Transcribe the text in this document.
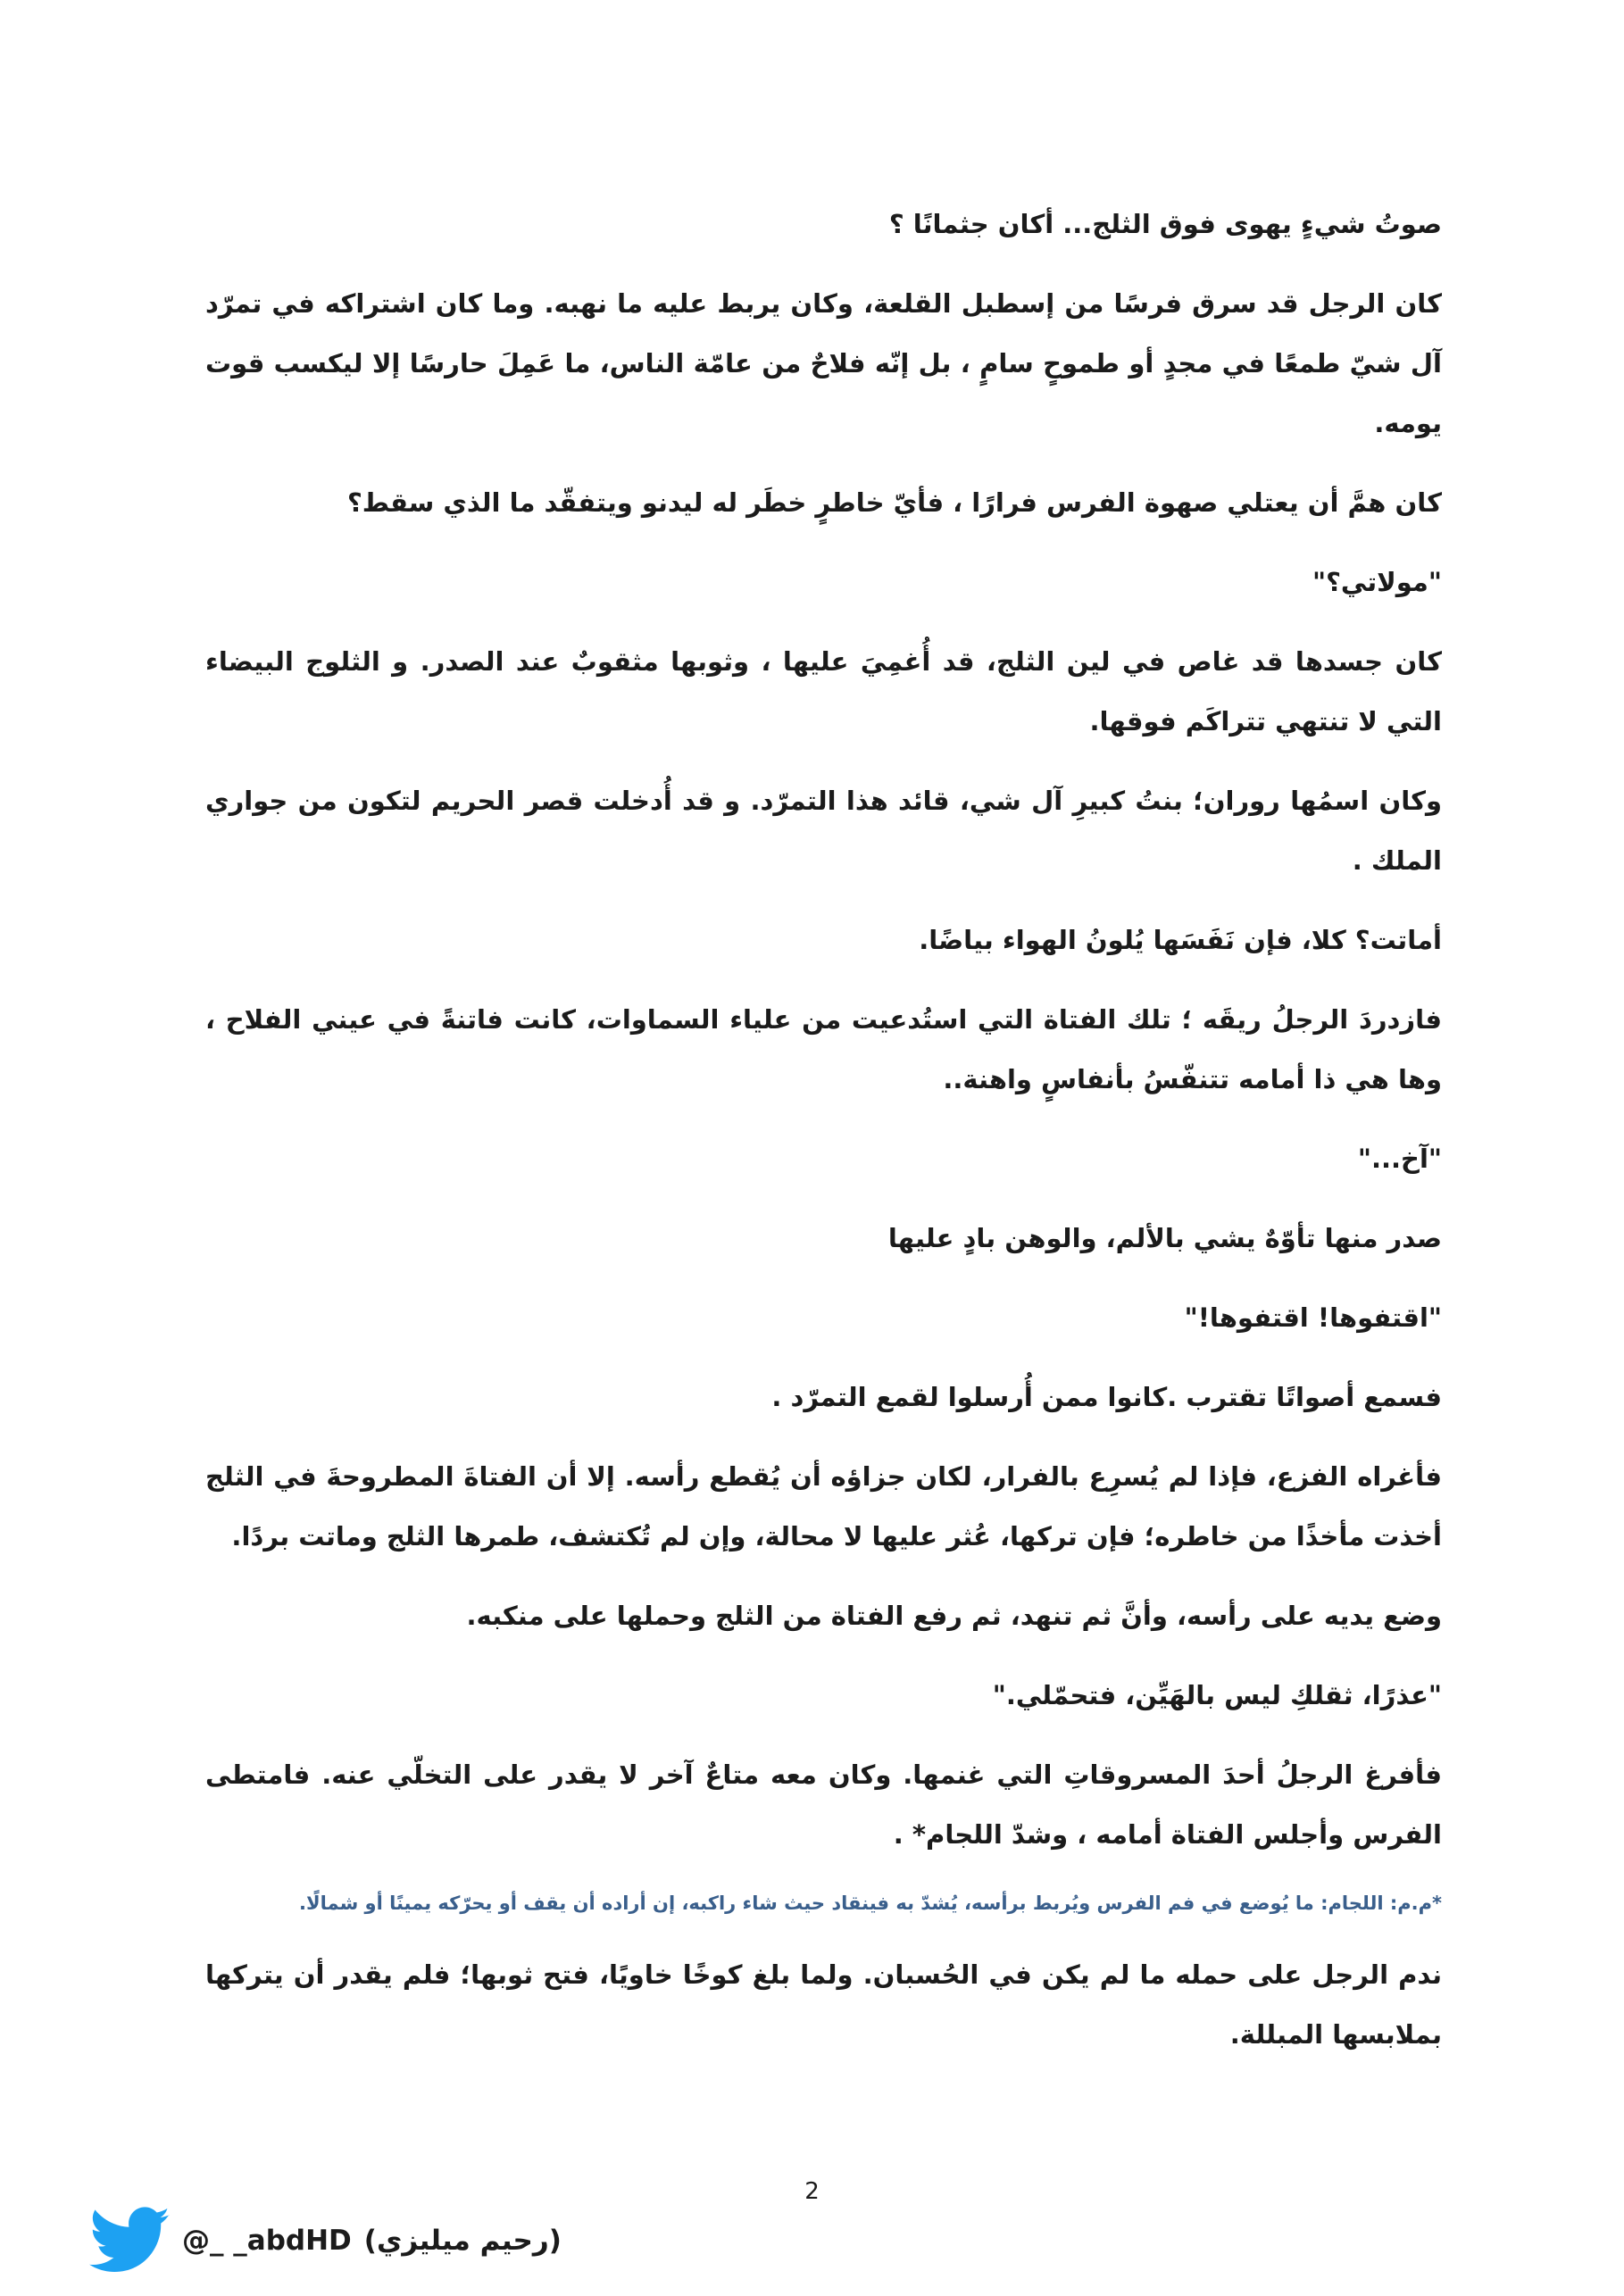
صوتُ شيءٍ يهوى فوق الثلج... أكان جثمانًا ؟

كان الرجل قد سرق فرسًا من إسطبل القلعة، وكان يربط عليه ما نهبه. وما كان اشتراكه في تمرّد آل شيّ طمعًا في مجدٍ أو طموحٍ سامٍ ، بل إنّه فلاحٌ من عامّة الناس، ما عَمِلَ حارسًا إلا ليكسب قوت يومه.

كان همَّ أن يعتلي صهوة الفرس فرارًا ، فأيّ خاطرٍ خطَر له ليدنو ويتفقّد ما الذي سقط؟

"مولاتي؟"

كان جسدها قد غاص في لين الثلج، قد أُغمِيَ عليها ، وثوبها مثقوبٌ عند الصدر. و الثلوج البيضاء التي لا تنتهي تتراكَم فوقها.

وكان اسمُها روران؛ بنتُ كبيرِ آل شي، قائد هذا التمرّد. و قد أُدخلت قصر الحريم لتكون من جواري الملك .

أماتت؟ كلا، فإن نَفَسَها يُلونُ الهواء بياضًا.

فازدردَ الرجلُ ريقَه ؛ تلك الفتاة التي استُدعيت من علياء السماوات، كانت فاتنةً في عيني الفلاح ، وها هي ذا أمامه تتنفّسُ بأنفاسٍ واهنة..

"آخ..."

صدر منها تأوّهٌ يشي بالألم، والوهن بادٍ عليها

"اقتفوها! اقتفوها!"

فسمع أصواتًا تقترب .كانوا ممن أُرسلوا لقمع التمرّد .

فأغراه الفزع، فإذا لم يُسرِع بالفرار، لكان جزاؤه أن يُقطع رأسه. إلا أن الفتاةَ المطروحةَ في الثلج أخذت مأخذًا من خاطره؛ فإن تركها، عُثر عليها لا محالة، وإن لم تُكتشف، طمرها الثلج وماتت بردًا.

وضع يديه على رأسه، وأنَّ ثم تنهد، ثم رفع الفتاة من الثلج وحملها على منكبه.

"عذرًا، ثقلكِ ليس بالهَيِّن، فتحمّلي."

فأفرغ الرجلُ أحدَ المسروقاتِ التي غنمها. وكان معه متاعٌ آخر لا يقدر على التخلّي عنه. فامتطى الفرس وأجلس الفتاة أمامه ، وشدّ اللجام* .

*م.م: اللجام: ما يُوضع في فم الفرس ويُربط برأسه، يُشدّ به فينقاد حيث شاء راكبه، إن أراده أن يقف أو يحرّكه يمينًا أو شمالًا.

ندم الرجل على حمله ما لم يكن في الحُسبان. ولما بلغ كوخًا خاويًا، فتح ثوبها؛ فلم يقدر أن يتركها بملابسها المبللة.

2
@_ _abdHD (رحيم ميليزي)
